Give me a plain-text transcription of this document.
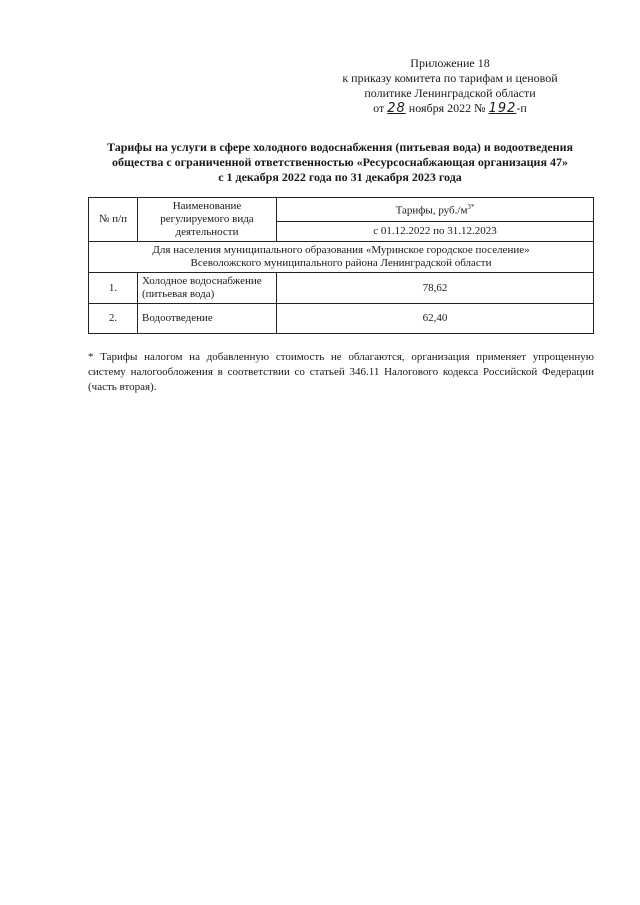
Приложение 18
к приказу комитета по тарифам и ценовой
политике Ленинградской области
от 28 ноября 2022 № 192-п
Тарифы на услуги в сфере холодного водоснабжения (питьевая вода) и водоотведения
общества с ограниченной ответственностью «Ресурсоснабжающая организация 47»
с 1 декабря 2022 года по 31 декабря 2023 года
№ п/п	Наименование регулируемого вида деятельности	Тарифы, $руб./м^{3*}$
		с 01.12.2022 по 31.12.2023
Для населения муниципального образования «Муринское городское поселение»
Всеволожского муниципального района Ленинградской области		
1.	Холодное водоснабжение (питьевая вода)	78,62
2.	Водоотведение	62,40
* Тарифы налогом на добавленную стоимость не облагаются, организация применяет упрощенную систему налогообложения в соответствии со статьей 346.11 Налогового кодекса Российской Федерации (часть вторая).
